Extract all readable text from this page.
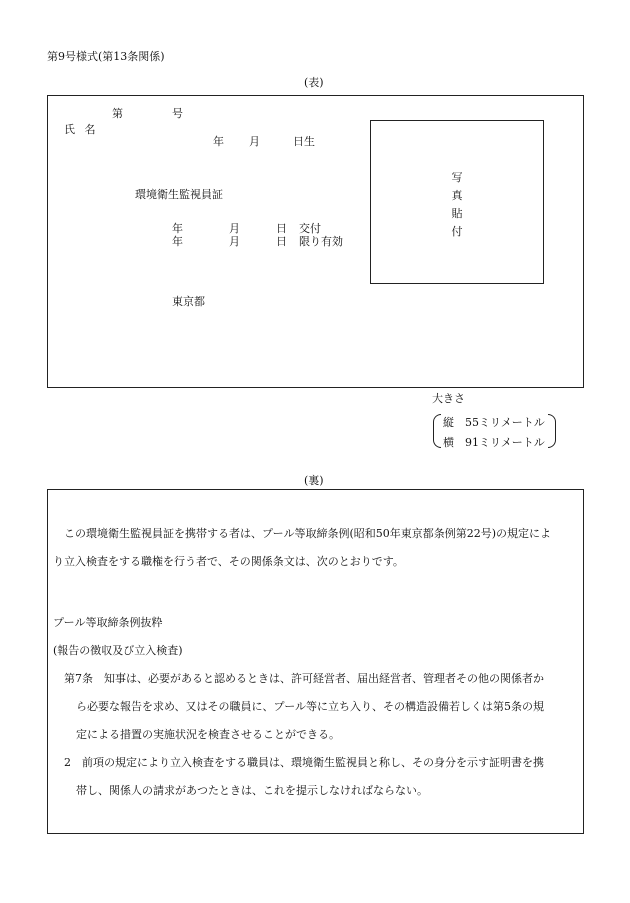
第9号様式(第13条関係)
(表)
第	号
氏 名
年 月	日生
環境衛生監視員証
年	月	日 交付
年	月	日 限り有効
東京都
写
真
貼
付
大きさ
縦　55ミリメートル
横　91ミリメートル
(裏)
この環境衛生監視員証を携帯する者は、プール等取締条例(昭和50年東京都条例第22号)の規定によ
り立入検査をする職権を行う者で、その関係条文は、次のとおりです。
プール等取締条例抜粋
(報告の徴収及び立入検査)
第7条　知事は、必要があると認めるときは、許可経営者、届出経営者、管理者その他の関係者か
ら必要な報告を求め、又はその職員に、プール等に立ち入り、その構造設備若しくは第5条の規
定による措置の実施状況を検査させることができる。
2　前項の規定により立入検査をする職員は、環境衛生監視員と称し、その身分を示す証明書を携
帯し、関係人の請求があつたときは、これを提示しなければならない。
